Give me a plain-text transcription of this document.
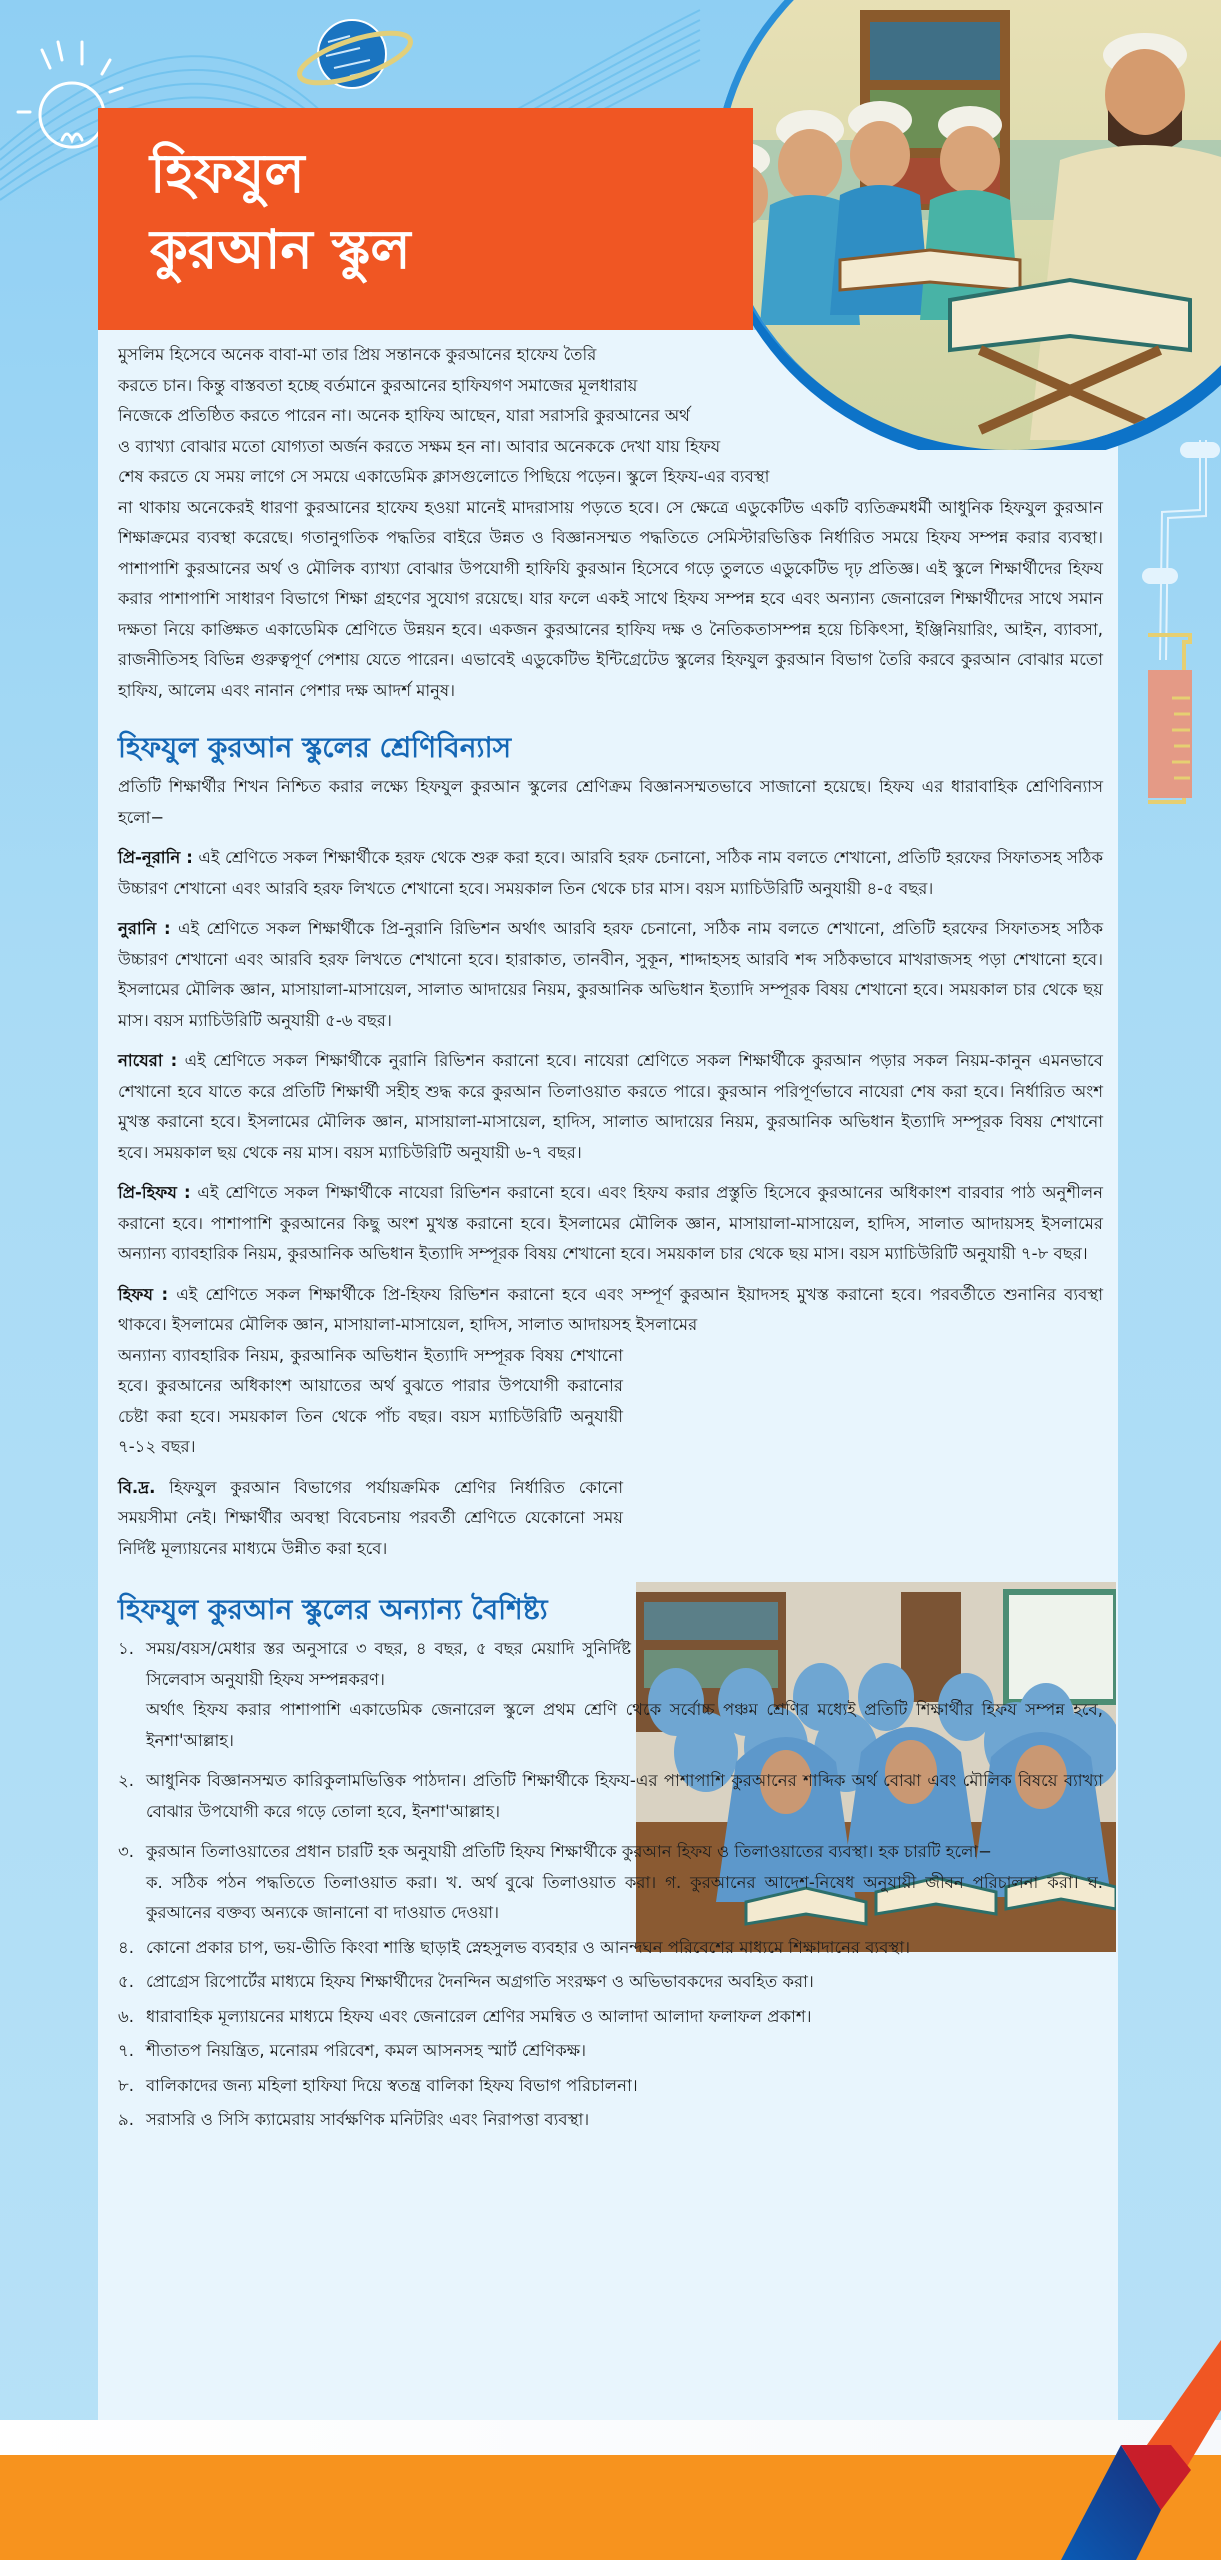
হিফযুল
কুরআন স্কুল

মুসলিম হিসেবে অনেক বাবা-মা তার প্রিয় সন্তানকে কুরআনের হাফেয তৈরি

করতে চান। কিন্তু বাস্তবতা হচ্ছে বর্তমানে কুরআনের হাফিযগণ সমাজের মূলধারায়

নিজেকে প্রতিষ্ঠিত করতে পারেন না। অনেক হাফিয আছেন, যারা সরাসরি কুরআনের অর্থ

ও ব্যাখ্যা বোঝার মতো যোগ্যতা অর্জন করতে সক্ষম হন না। আবার অনেককে দেখা যায় হিফয

শেষ করতে যে সময় লাগে সে সময়ে একাডেমিক ক্লাসগুলোতে পিছিয়ে পড়েন। স্কুলে হিফয-এর ব্যবস্থা

না থাকায় অনেকেরই ধারণা কুরআনের হাফেয হওয়া মানেই মাদরাসায় পড়তে হবে। সে ক্ষেত্রে এডুকেটিভ একটি ব্যতিক্রমধর্মী আধুনিক হিফযুল কুরআন শিক্ষাক্রমের ব্যবস্থা করেছে। গতানুগতিক পদ্ধতির বাইরে উন্নত ও বিজ্ঞানসম্মত পদ্ধতিতে সেমিস্টারভিত্তিক নির্ধারিত সময়ে হিফয সম্পন্ন করার ব্যবস্থা। পাশাপাশি কুরআনের অর্থ ও মৌলিক ব্যাখ্যা বোঝার উপযোগী হাফিযি কুরআন হিসেবে গড়ে তুলতে এডুকেটিভ দৃঢ় প্রতিজ্ঞ। এই স্কুলে শিক্ষার্থীদের হিফয করার পাশাপাশি সাধারণ বিভাগে শিক্ষা গ্রহণের সুযোগ রয়েছে। যার ফলে একই সাথে হিফয সম্পন্ন হবে এবং অন্যান্য জেনারেল শিক্ষার্থীদের সাথে সমান দক্ষতা নিয়ে কাঙ্ক্ষিত একাডেমিক শ্রেণিতে উন্নয়ন হবে। একজন কুরআনের হাফিয দক্ষ ও নৈতিকতাসম্পন্ন হয়ে চিকিৎসা, ইঞ্জিনিয়ারিং, আইন, ব্যাবসা, রাজনীতিসহ বিভিন্ন গুরুত্বপূর্ণ পেশায় যেতে পারেন। এভাবেই এডুকেটিভ ইন্টিগ্রেটেড স্কুলের হিফযুল কুরআন বিভাগ তৈরি করবে কুরআন বোঝার মতো হাফিয, আলেম এবং নানান পেশার দক্ষ আদর্শ মানুষ।

হিফযুল কুরআন স্কুলের শ্রেণিবিন্যাস

প্রতিটি শিক্ষার্থীর শিখন নিশ্চিত করার লক্ষ্যে হিফযুল কুরআন স্কুলের শ্রেণিক্রম বিজ্ঞানসম্মতভাবে সাজানো হয়েছে। হিফয এর ধারাবাহিক শ্রেণিবিন্যাস হলো−

প্রি-নূরানি : এই শ্রেণিতে সকল শিক্ষার্থীকে হরফ থেকে শুরু করা হবে। আরবি হরফ চেনানো, সঠিক নাম বলতে শেখানো, প্রতিটি হরফের সিফাতসহ সঠিক উচ্চারণ শেখানো এবং আরবি হরফ লিখতে শেখানো হবে। সময়কাল তিন থেকে চার মাস। বয়স ম্যাচিউরিটি অনুযায়ী ৪-৫ বছর।

নুরানি : এই শ্রেণিতে সকল শিক্ষার্থীকে প্রি-নুরানি রিভিশন অর্থাৎ আরবি হরফ চেনানো, সঠিক নাম বলতে শেখানো, প্রতিটি হরফের সিফাতসহ সঠিক উচ্চারণ শেখানো এবং আরবি হরফ লিখতে শেখানো হবে। হারাকাত, তানবীন, সুকূন, শাদ্দাহসহ আরবি শব্দ সঠিকভাবে মাখরাজসহ পড়া শেখানো হবে। ইসলামের মৌলিক জ্ঞান, মাসায়ালা-মাসায়েল, সালাত আদায়ের নিয়ম, কুরআনিক অভিধান ইত্যাদি সম্পূরক বিষয় শেখানো হবে। সময়কাল চার থেকে ছয় মাস। বয়স ম্যাচিউরিটি অনুযায়ী ৫-৬ বছর।

নাযেরা : এই শ্রেণিতে সকল শিক্ষার্থীকে নুরানি রিভিশন করানো হবে। নাযেরা শ্রেণিতে সকল শিক্ষার্থীকে কুরআন পড়ার সকল নিয়ম-কানুন এমনভাবে শেখানো হবে যাতে করে প্রতিটি শিক্ষার্থী সহীহ শুদ্ধ করে কুরআন তিলাওয়াত করতে পারে। কুরআন পরিপূর্ণভাবে নাযেরা শেষ করা হবে। নির্ধারিত অংশ মুখস্ত করানো হবে। ইসলামের মৌলিক জ্ঞান, মাসায়ালা-মাসায়েল, হাদিস, সালাত আদায়ের নিয়ম, কুরআনিক অভিধান ইত্যাদি সম্পূরক বিষয় শেখানো হবে। সময়কাল ছয় থেকে নয় মাস। বয়স ম্যাচিউরিটি অনুযায়ী ৬-৭ বছর।

প্রি-হিফয : এই শ্রেণিতে সকল শিক্ষার্থীকে নাযেরা রিভিশন করানো হবে। এবং হিফয করার প্রস্তুতি হিসেবে কুরআনের অধিকাংশ বারবার পাঠ অনুশীলন করানো হবে। পাশাপাশি কুরআনের কিছু অংশ মুখস্ত করানো হবে। ইসলামের মৌলিক জ্ঞান, মাসায়ালা-মাসায়েল, হাদিস, সালাত আদায়সহ ইসলামের অন্যান্য ব্যাবহারিক নিয়ম, কুরআনিক অভিধান ইত্যাদি সম্পূরক বিষয় শেখানো হবে। সময়কাল চার থেকে ছয় মাস। বয়স ম্যাচিউরিটি অনুযায়ী ৭-৮ বছর।

হিফয : এই শ্রেণিতে সকল শিক্ষার্থীকে প্রি-হিফয রিভিশন করানো হবে এবং সম্পূর্ণ কুরআন ইয়াদসহ মুখস্ত করানো হবে। পরবর্তীতে শুনানির ব্যবস্থা থাকবে। ইসলামের মৌলিক জ্ঞান, মাসায়ালা-মাসায়েল, হাদিস, সালাত আদায়সহ ইসলামের

অন্যান্য ব্যাবহারিক নিয়ম, কুরআনিক অভিধান ইত্যাদি সম্পূরক বিষয় শেখানো হবে। কুরআনের অধিকাংশ আয়াতের অর্থ বুঝতে পারার উপযোগী করানোর চেষ্টা করা হবে। সময়কাল তিন থেকে পাঁচ বছর। বয়স ম্যাচিউরিটি অনুযায়ী ৭-১২ বছর।

বি.দ্র. হিফযুল কুরআন বিভাগের পর্যায়ক্রমিক শ্রেণির নির্ধারিত কোনো সময়সীমা নেই। শিক্ষার্থীর অবস্থা বিবেচনায় পরবর্তী শ্রেণিতে যেকোনো সময় নির্দিষ্ট মূল্যায়নের মাধ্যমে উন্নীত করা হবে।

হিফযুল কুরআন স্কুলের অন্যান্য বৈশিষ্ট্য
১. সময়/বয়স/মেধার স্তর অনুসারে ৩ বছর, ৪ বছর, ৫ বছর মেয়াদি সুনির্দিষ্ট সিলেবাস অনুযায়ী হিফয সম্পন্নকরণ।

অর্থাৎ হিফয করার পাশাপাশি একাডেমিক জেনারেল স্কুলে প্রথম শ্রেণি থেকে সর্বোচ্চ পঞ্চম শ্রেণির মধ্যেই প্রতিটি শিক্ষার্থীর হিফয সম্পন্ন হবে, ইনশা'আল্লাহ।

২. আধুনিক বিজ্ঞানসম্মত কারিকুলামভিত্তিক পাঠদান। প্রতিটি শিক্ষার্থীকে হিফয-এর পাশাপাশি কুরআনের শাব্দিক অর্থ বোঝা এবং মৌলিক বিষয়ে ব্যাখ্যা বোঝার উপযোগী করে গড়ে তোলা হবে, ইনশা'আল্লাহ।
৩. কুরআন তিলাওয়াতের প্রধান চারটি হক অনুযায়ী প্রতিটি হিফয শিক্ষার্থীকে কুরআন হিফয ও তিলাওয়াতের ব্যবস্থা। হক চারটি হলো−

ক. সঠিক পঠন পদ্ধতিতে তিলাওয়াত করা। খ. অর্থ বুঝে তিলাওয়াত করা। গ. কুরআনের আদেশ-নিষেধ অনুযায়ী জীবন পরিচালনা করা। ঘ. কুরআনের বক্তব্য অন্যকে জানানো বা দাওয়াত দেওয়া।

৪. কোনো প্রকার চাপ, ভয়-ভীতি কিংবা শাস্তি ছাড়াই স্নেহসুলভ ব্যবহার ও আনন্দঘন পরিবেশের মাধ্যমে শিক্ষাদানের ব্যবস্থা।
৫. প্রোগ্রেস রিপোর্টের মাধ্যমে হিফয শিক্ষার্থীদের দৈনন্দিন অগ্রগতি সংরক্ষণ ও অভিভাবকদের অবহিত করা।
৬. ধারাবাহিক মূল্যায়নের মাধ্যমে হিফয এবং জেনারেল শ্রেণির সমন্বিত ও আলাদা আলাদা ফলাফল প্রকাশ।
৭. শীতাতপ নিয়ন্ত্রিত, মনোরম পরিবেশ, কমল আসনসহ স্মার্ট শ্রেণিকক্ষ।
৮. বালিকাদের জন্য মহিলা হাফিযা দিয়ে স্বতন্ত্র বালিকা হিফয বিভাগ পরিচালনা।
৯. সরাসরি ও সিসি ক্যামেরায় সার্বক্ষণিক মনিটরিং এবং নিরাপত্তা ব্যবস্থা।
